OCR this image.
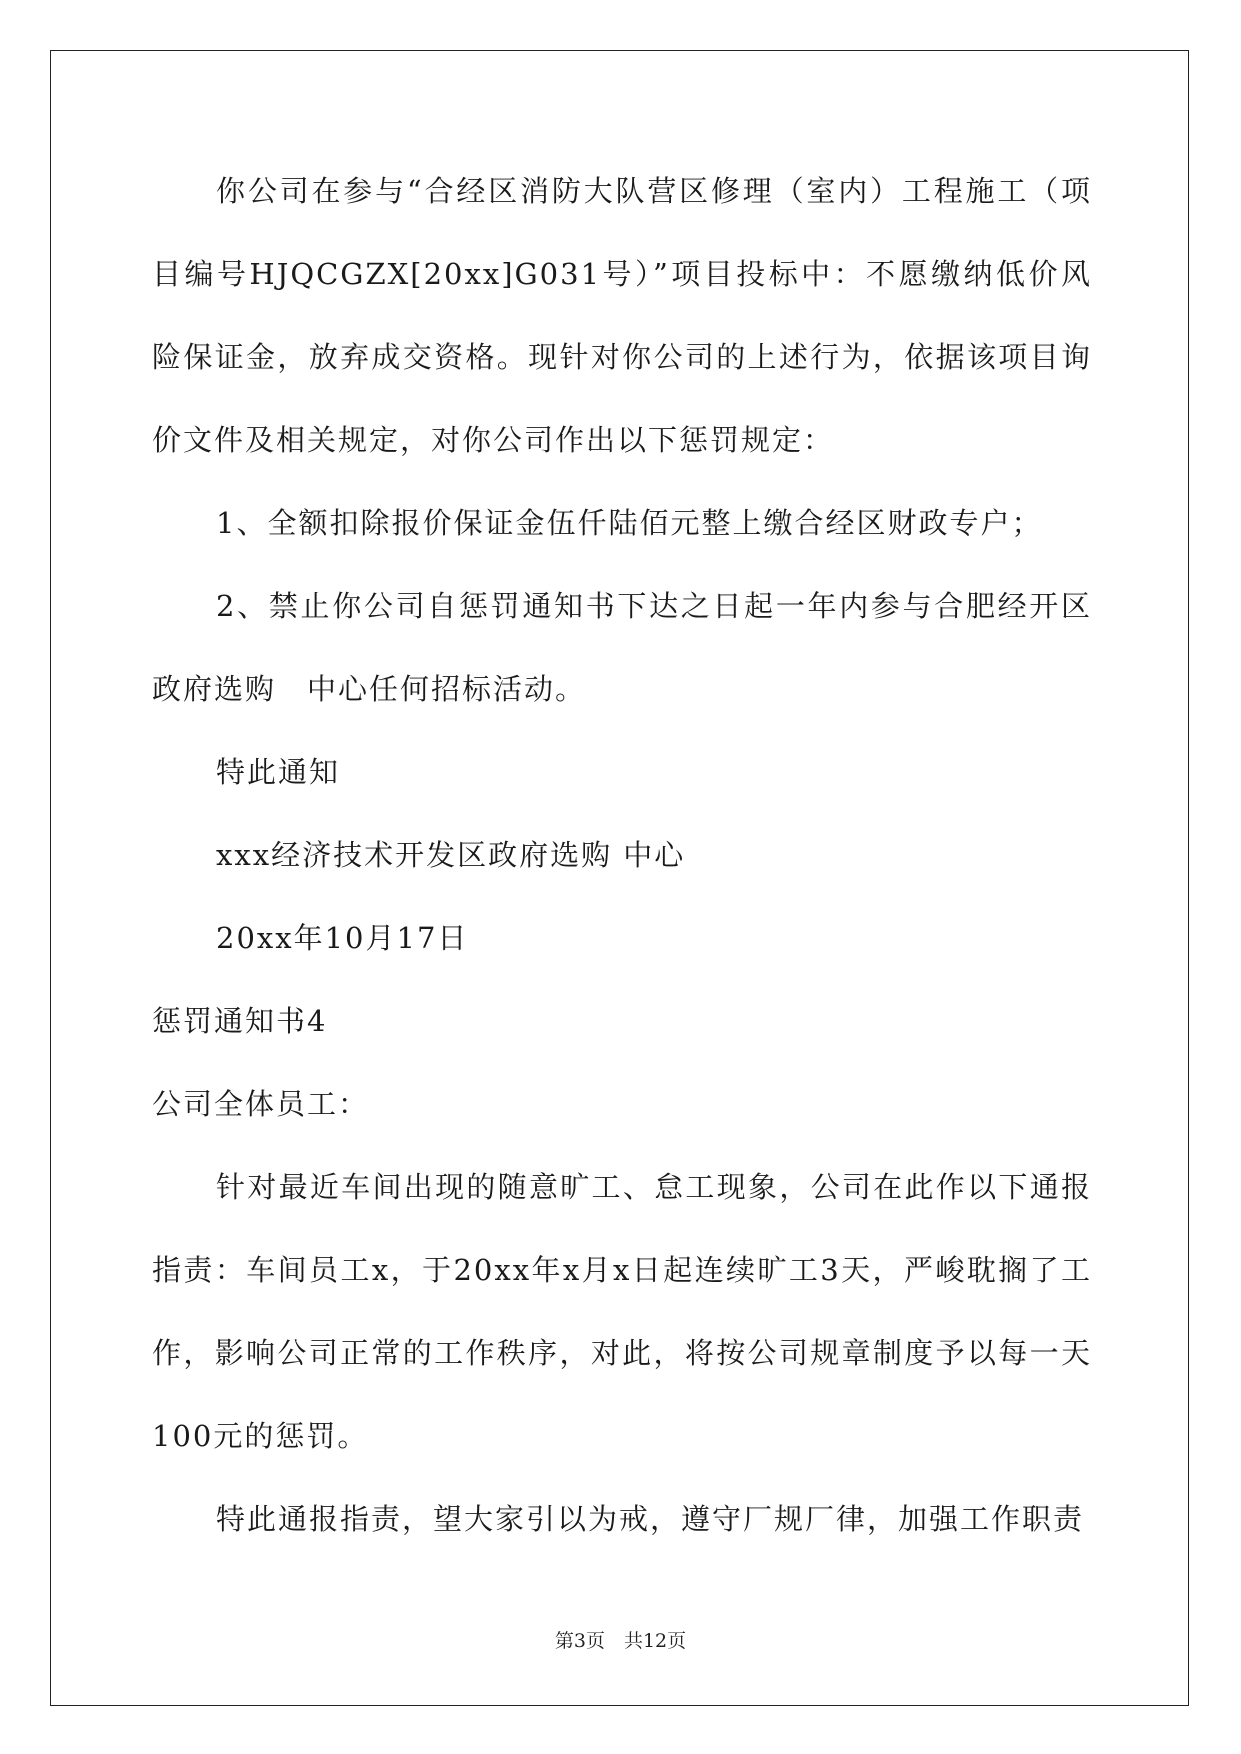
你公司在参与“合经区消防大队营区修理（室内）工程施工（项目编号HJQCGZX[20xx]G031号）”项目投标中：不愿缴纳低价风险保证金，放弃成交资格。现针对你公司的上述行为，依据该项目询价文件及相关规定，对你公司作出以下惩罚规定：

1、全额扣除报价保证金伍仟陆佰元整上缴合经区财政专户；

2、禁止你公司自惩罚通知书下达之日起一年内参与合肥经开区政府选购　中心任何招标活动。

特此通知

xxx经济技术开发区政府选购 中心

20xx年10月17日

惩罚通知书4

公司全体员工：

针对最近车间出现的随意旷工、怠工现象，公司在此作以下通报指责：车间员工x，于20xx年x月x日起连续旷工3天，严峻耽搁了工作，影响公司正常的工作秩序，对此，将按公司规章制度予以每一天100元的惩罚。

特此通报指责，望大家引以为戒，遵守厂规厂律，加强工作职责

第3页　共12页
